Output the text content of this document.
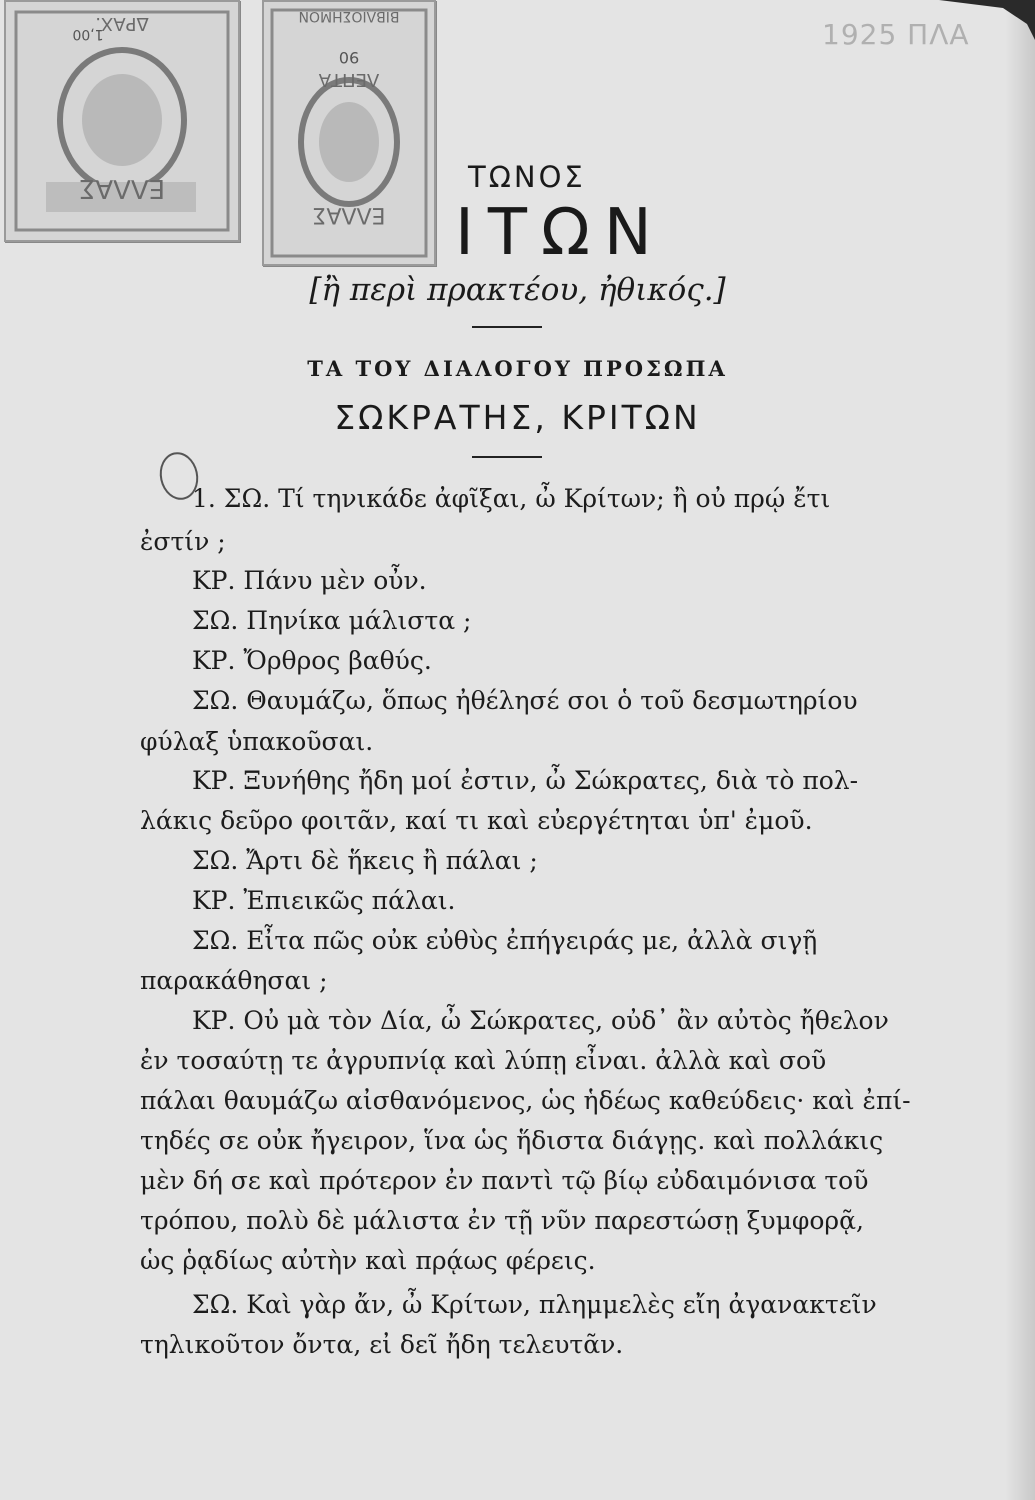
1925 ΠΛΑ
ΕΛΛΑΣ
ΔΡΑΧ.
1,00
ΕΛΛΑΣ
ΛΕΠΤΑ
90
ΒΙΒΛΙΟΣΗΜΟΝ
ΤΩΝΟΣ
ΙΤΩΝ
[ἢ περὶ πρακτέου, ἠθικός.]
ΤΑ ΤΟΥ ΔΙΑΛΟΓΟΥ ΠΡΟΣΩΠΑ
ΣΩΚΡΑΤΗΣ, ΚΡΙΤΩΝ
1. ΣΩ. Τί τηνικάδε ἀφῖξαι, ὦ Κρίτων; ἢ οὐ πρῴ ἔτι
ἐστίν ;
ΚΡ. Πάνυ μὲν οὖν.
ΣΩ. Πηνίκα μάλιστα ;
ΚΡ. Ὄρθρος βαθύς.
ΣΩ. Θαυμάζω, ὅπως ἠθέλησέ σοι ὁ τοῦ δεσμωτηρίου
φύλαξ ὑπακοῦσαι.
ΚΡ. Ξυνήθης ἤδη μοί ἐστιν, ὦ Σώκρατες, διὰ τὸ πολ-
λάκις δεῦρο φοιτᾶν, καί τι καὶ εὐεργέτηται ὑπ' ἐμοῦ.
ΣΩ. Ἄρτι δὲ ἥκεις ἢ πάλαι ;
ΚΡ. Ἐπιεικῶς πάλαι.
ΣΩ. Εἶτα πῶς οὐκ εὐθὺς ἐπήγειράς με, ἀλλὰ σιγῇ
παρακάθησαι ;
ΚΡ. Οὐ μὰ τὸν Δία, ὦ Σώκρατες, οὐδ᾽ ἂν αὐτὸς ἤθελον
ἐν τοσαύτῃ τε ἀγρυπνίᾳ καὶ λύπῃ εἶναι. ἀλλὰ καὶ σοῦ
πάλαι θαυμάζω αἰσθανόμενος, ὡς ἡδέως καθεύδεις· καὶ ἐπί-
τηδές σε οὐκ ἤγειρον, ἵνα ὡς ἥδιστα διάγῃς. καὶ πολλάκις
μὲν δή σε καὶ πρότερον ἐν παντὶ τῷ βίῳ εὐδαιμόνισα τοῦ
τρόπου, πολὺ δὲ μάλιστα ἐν τῇ νῦν παρεστώσῃ ξυμφορᾷ,
ὡς ῥᾳδίως αὐτὴν καὶ πρᾴως φέρεις.
ΣΩ. Καὶ γὰρ ἄν, ὦ Κρίτων, πλημμελὲς εἴη ἀγανακτεῖν
τηλικοῦτον ὄντα, εἰ δεῖ ἤδη τελευτᾶν.
